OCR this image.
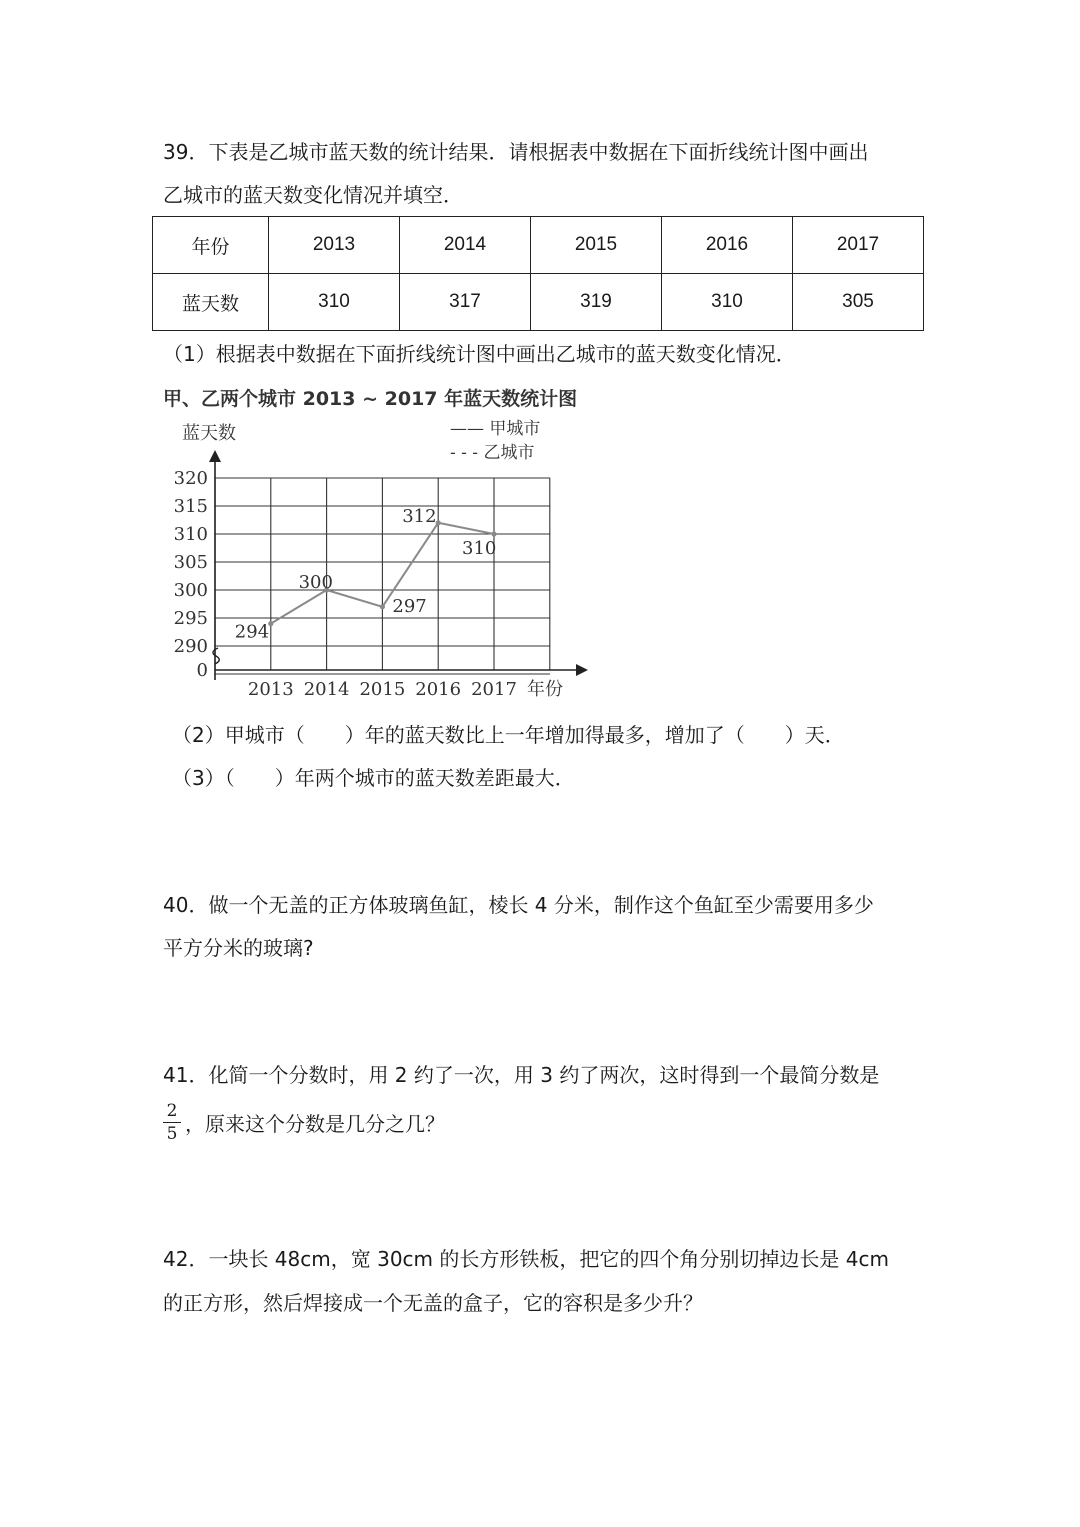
39．下表是乙城市蓝天数的统计结果．请根据表中数据在下面折线统计图中画出
乙城市的蓝天数变化情况并填空．
年份	2013	2014	2015	2016	2017
蓝天数	310	317	319	310	305
（1）根据表中数据在下面折线统计图中画出乙城市的蓝天数变化情况．
甲、乙两个城市 2013 ~ 2017 年蓝天数统计图
蓝天数
年份
—— 甲城市
- - - 乙城市
320
315
310
305
300
295
290
0
2013 2014 2015 2016 2017
294
300
297
312
310
（2）甲城市（　　）年的蓝天数比上一年增加得最多，增加了（　　）天．
（3）（　　）年两个城市的蓝天数差距最大．
40．做一个无盖的正方体玻璃鱼缸，棱长 4 分米，制作这个鱼缸至少需要用多少
平方分米的玻璃?
41．化简一个分数时，用 2 约了一次，用 3 约了两次，这时得到一个最简分数是
2
5 ，原来这个分数是几分之几？
42．一块长 48cm，宽 30cm 的长方形铁板，把它的四个角分别切掉边长是 4cm
的正方形，然后焊接成一个无盖的盒子，它的容积是多少升？
